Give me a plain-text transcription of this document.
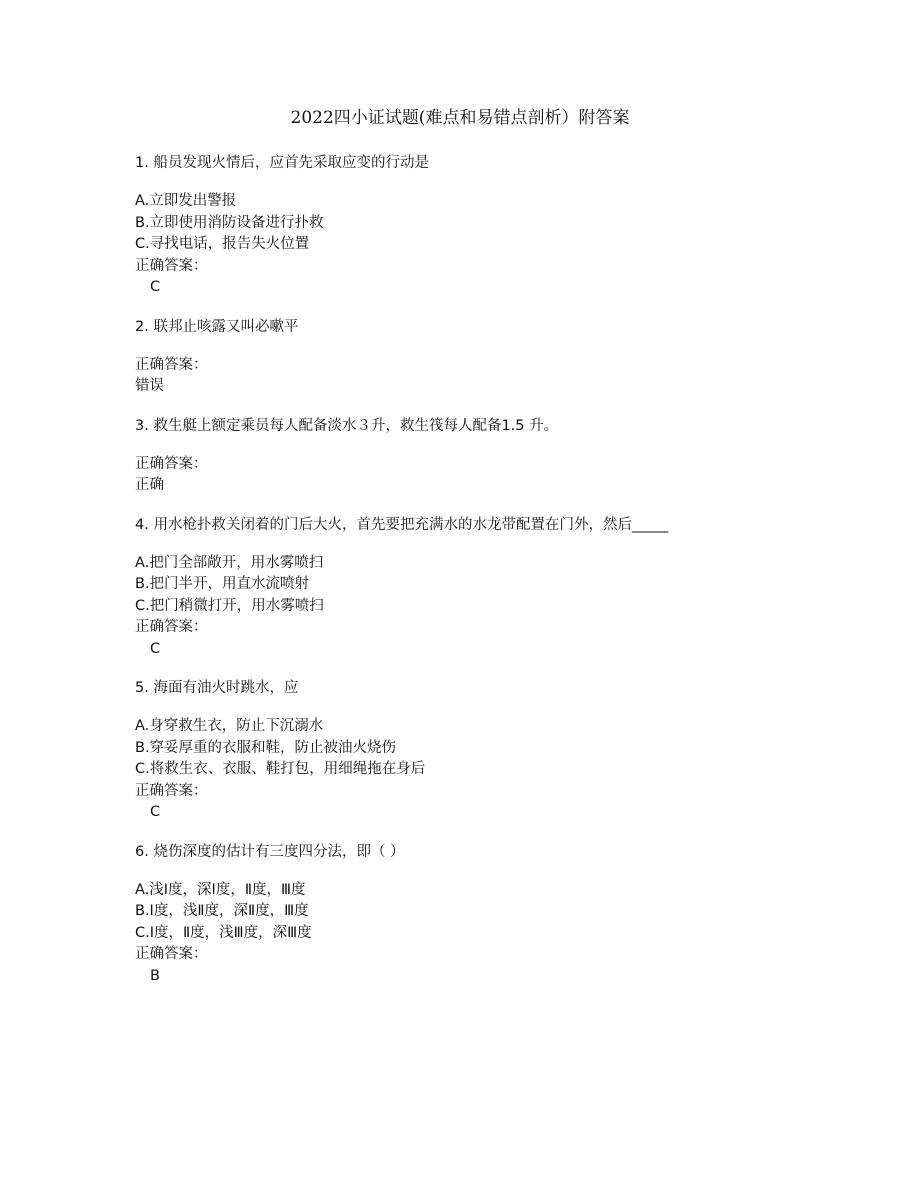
2022四小证试题(难点和易错点剖析）附答案
1. 船员发现火情后，应首先采取应变的行动是
A.立即发出警报
B.立即使用消防设备进行扑救
C.寻找电话，报告失火位置
正确答案：
C
2. 联邦止咳露又叫必嗽平
正确答案：
错误
3. 救生艇上额定乘员每人配备淡水３升，救生筏每人配备1.5 升。
正确答案：
正确
4. 用水枪扑救关闭着的门后大火，首先要把充满水的水龙带配置在门外，然后_____
A.把门全部敞开，用水雾喷扫
B.把门半开，用直水流喷射
C.把门稍微打开，用水雾喷扫
正确答案：
C
5. 海面有油火时跳水，应
A.身穿救生衣，防止下沉溺水
B.穿妥厚重的衣服和鞋，防止被油火烧伤
C.将救生衣、衣服、鞋打包，用细绳拖在身后
正确答案：
C
6. 烧伤深度的估计有三度四分法，即（ ）
A.浅Ⅰ度，深Ⅰ度，Ⅱ度，Ⅲ度
B.Ⅰ度，浅Ⅱ度，深Ⅱ度，Ⅲ度
C.Ⅰ度，Ⅱ度，浅Ⅲ度，深Ⅲ度
正确答案：
B
